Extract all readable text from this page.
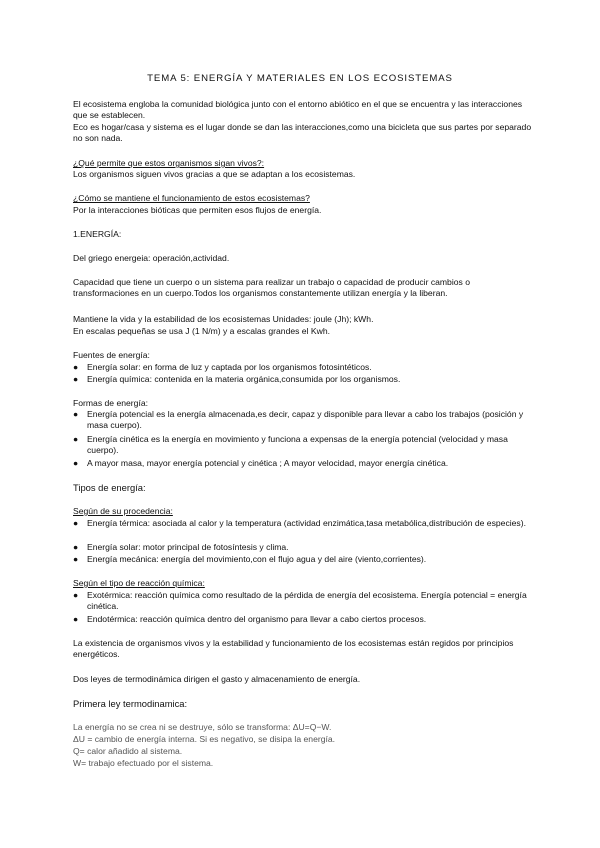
TEMA 5: ENERGÍA Y MATERIALES EN LOS ECOSISTEMAS

El ecosistema engloba la comunidad biológica junto con el entorno abiótico en el que se encuentra y las interacciones que se establecen.

Eco es hogar/casa y sistema es el lugar donde se dan las interacciones,como una bicicleta que sus partes por separado no son nada.

¿Qué permite que estos organismos sigan vivos?:

Los organismos siguen vivos gracias a que se adaptan a los ecosistemas.

¿Cómo se mantiene el funcionamiento de estos ecosistemas?

Por la interacciones bióticas que permiten esos flujos de energía.

1.ENERGÍA:

Del griego energeia: operación,actividad.

Capacidad que tiene un cuerpo o un sistema para realizar un trabajo o capacidad de producir cambios o transformaciones en un cuerpo.Todos los organismos constantemente utilizan energía y la liberan.

Mantiene la vida y la estabilidad de los ecosistemas Unidades: joule (Jh); kWh.

En escalas pequeñas se usa J (1 N/m) y a escalas grandes el Kwh.

Fuentes de energía:

●	Energía solar: en forma de luz y captada por los organismos fotosintéticos.
●	Energía química: contenida en la materia orgánica,consumida por los organismos.

Formas de energía:

●	Energía potencial es la energía almacenada,es decir, capaz y disponible para llevar a cabo los trabajos (posición y masa cuerpo).
●	Energía cinética es la energía en movimiento y funciona a expensas de la energía potencial (velocidad y masa cuerpo).
●	A mayor masa, mayor energía potencial y cinética ; A mayor velocidad, mayor energía cinética.

Tipos de energía:

Según de su procedencia:

●	Energía térmica: asociada al calor y la temperatura (actividad enzimática,tasa metabólica,distribución de especies).
●	Energía solar: motor principal de fotosíntesis y clima.
●	Energía mecánica: energía del movimiento,con el flujo agua y del aire (viento,corrientes).

Según el tipo de reacción química:

●	Exotérmica: reacción química como resultado de la pérdida de energía del ecosistema. Energía potencial = energía cinética.
●	Endotérmica: reacción química dentro del organismo para llevar a cabo ciertos procesos.

La existencia de organismos vivos y la estabilidad y funcionamiento de los ecosistemas están regidos por principios energéticos.

Dos leyes de termodinámica dirigen el gasto y almacenamiento de energía.

Primera ley termodinamica:

La energía no se crea ni se destruye, sólo se transforma: ΔU=Q−W.

ΔU = cambio de energía interna. Si es negativo, se disipa la energía.

Q= calor añadido al sistema.

W= trabajo efectuado por el sistema.
